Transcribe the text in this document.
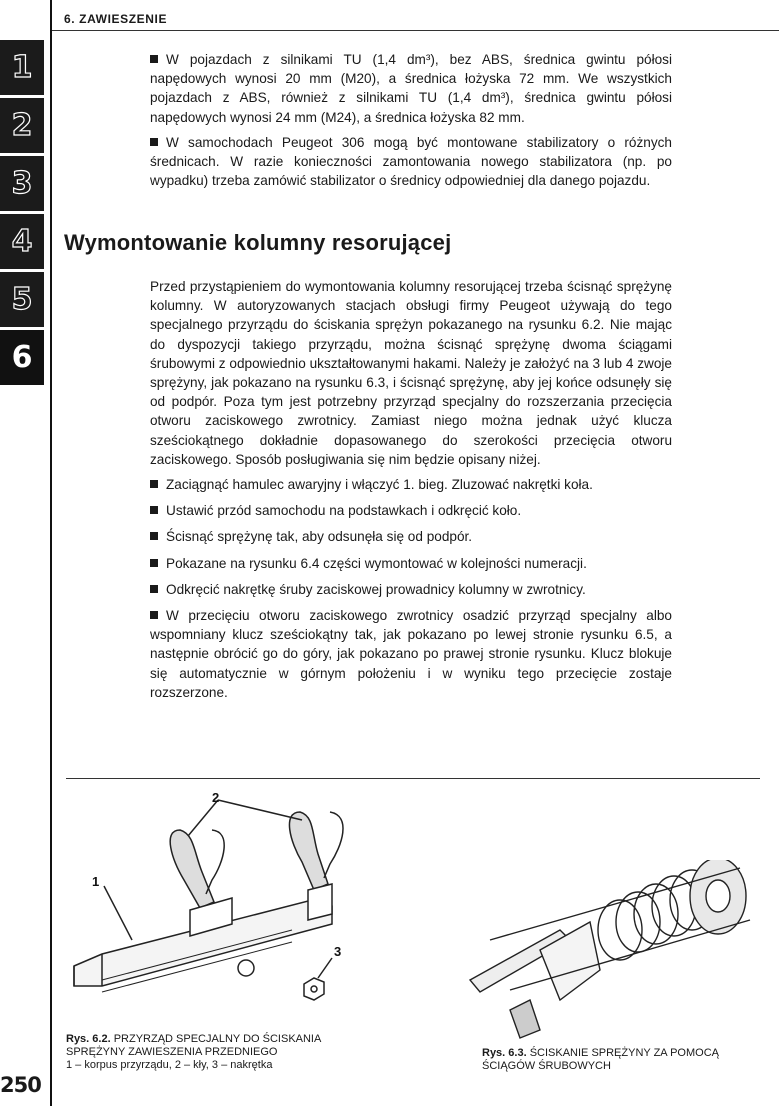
6. ZAWIESZENIE
1
2
3
4
5
6

W pojazdach z silnikami TU (1,4 dm³), bez ABS, średnica gwintu półosi napędowych wynosi 20 mm (M20), a średnica łożyska 72 mm. We wszystkich pojazdach z ABS, również z silnikami TU (1,4 dm³), średnica gwintu półosi napędowych wynosi 24 mm (M24), a średnica łożyska 82 mm.

W samochodach Peugeot 306 mogą być montowane stabilizatory o różnych średnicach. W razie konieczności zamontowania nowego stabilizatora (np. po wypadku) trzeba zamówić stabilizator o średnicy odpowiedniej dla danego pojazdu.

Wymontowanie kolumny resorującej

Przed przystąpieniem do wymontowania kolumny resorującej trzeba ścisnąć sprężynę kolumny. W autoryzowanych stacjach obsługi firmy Peugeot używają do tego specjalnego przyrządu do ściskania sprężyn pokazanego na rysunku 6.2. Nie mając do dyspozycji takiego przyrządu, można ścisnąć sprężynę dwoma ściągami śrubowymi z odpowiednio ukształtowanymi hakami. Należy je założyć na 3 lub 4 zwoje sprężyny, jak pokazano na rysunku 6.3, i ścisnąć sprężynę, aby jej końce odsunęły się od podpór. Poza tym jest potrzebny przyrząd specjalny do rozszerzania przecięcia otworu zaciskowego zwrotnicy. Zamiast niego można jednak użyć klucza sześciokątnego dokładnie dopasowanego do szerokości przecięcia otworu zaciskowego. Sposób posługiwania się nim będzie opisany niżej.

Zaciągnąć hamulec awaryjny i włączyć 1. bieg. Zluzować nakrętki koła.
Ustawić przód samochodu na podstawkach i odkręcić koło.
Ścisnąć sprężynę tak, aby odsunęła się od podpór.
Pokazane na rysunku 6.4 części wymontować w kolejności numeracji.
Odkręcić nakrętkę śruby zaciskowej prowadnicy kolumny w zwrotnicy.
W przecięciu otworu zaciskowego zwrotnicy osadzić przyrząd specjalny albo wspomniany klucz sześciokątny tak, jak pokazano po lewej stronie rysunku 6.5, a następnie obrócić go do góry, jak pokazano po prawej stronie rysunku. Klucz blokuje się automatycznie w górnym położeniu i w wyniku tego przecięcie zostaje rozszerzone.
1
2
3
Rys. 6.2. PRZYRZĄD SPECJALNY DO ŚCISKANIA
SPRĘŻYNY ZAWIESZENIA PRZEDNIEGO
1 – korpus przyrządu, 2 – kły, 3 – nakrętka
Rys. 6.3. ŚCISKANIE SPRĘŻYNY ZA POMOCĄ
ŚCIĄGÓW ŚRUBOWYCH
250
